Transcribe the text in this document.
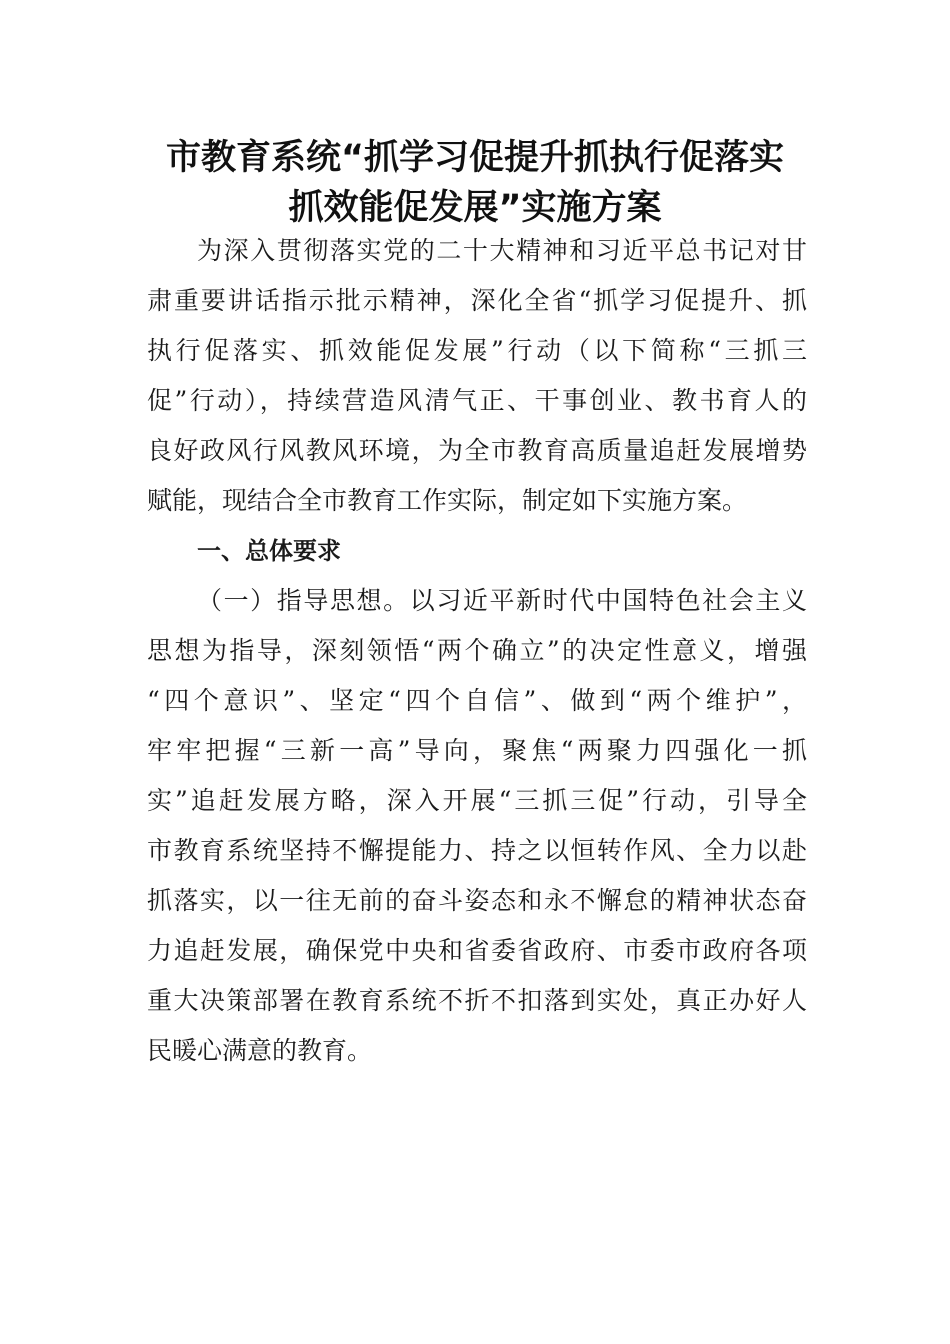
市教育系统“抓学习促提升抓执行促落实
抓效能促发展”实施方案
为深入贯彻落实党的二十大精神和习近平总书记对甘
肃重要讲话指示批示精神，深化全省“抓学习促提升、抓
执行促落实、抓效能促发展”行动（以下简称“三抓三
促”行动），持续营造风清气正、干事创业、教书育人的
良好政风行风教风环境，为全市教育高质量追赶发展增势
赋能，现结合全市教育工作实际，制定如下实施方案。
一、总体要求
（一）指导思想。以习近平新时代中国特色社会主义
思想为指导，深刻领悟“两个确立”的决定性意义，增强
“四个意识”、坚定“四个自信”、做到“两个维护”，
牢牢把握“三新一高”导向，聚焦“两聚力四强化一抓
实”追赶发展方略，深入开展“三抓三促”行动，引导全
市教育系统坚持不懈提能力、持之以恒转作风、全力以赴
抓落实，以一往无前的奋斗姿态和永不懈怠的精神状态奋
力追赶发展，确保党中央和省委省政府、市委市政府各项
重大决策部署在教育系统不折不扣落到实处，真正办好人
民暖心满意的教育。
